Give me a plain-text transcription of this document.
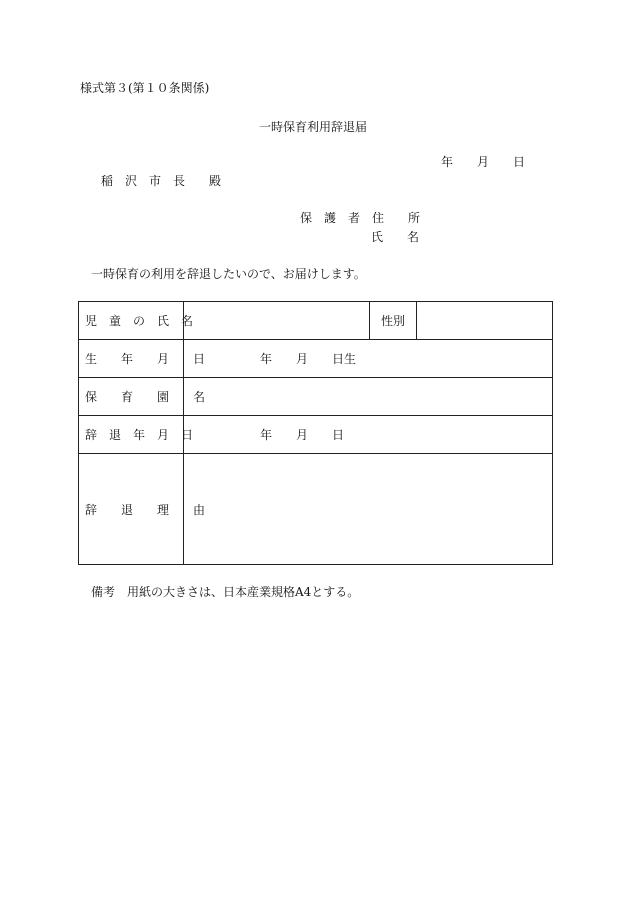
様式第３(第１０条関係)
一時保育利用辞退届
年　　月　　日
稲　沢　市　長　　殿
保　護　者　住　　所
氏　　名
一時保育の利用を辞退したいので、お届けします。
児　童　の　氏　名		性別	
生　　年　　月　　日	年　　月　　日生		
保　　育　　園　　名			
辞　退　年　月　日	年　　月　　日		
辞　　退　　理　　由			
備考　用紙の大きさは、日本産業規格A4とする。
